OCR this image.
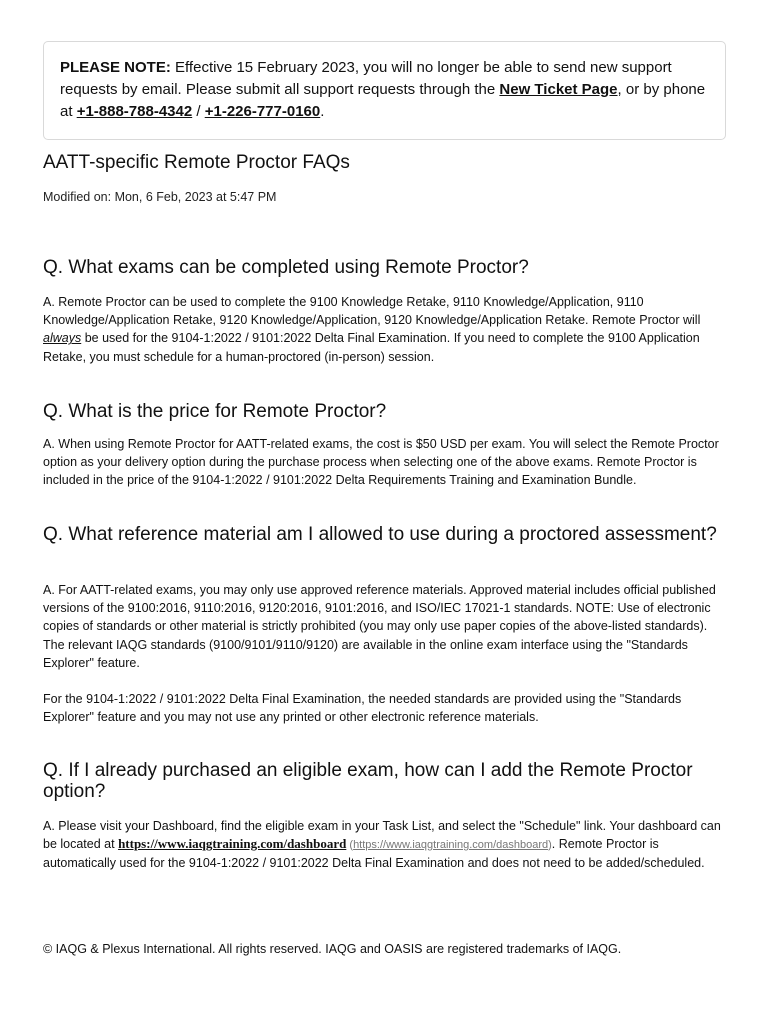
PLEASE NOTE: Effective 15 February 2023, you will no longer be able to send new support requests by email. Please submit all support requests through the New Ticket Page, or by phone at +1-888-788-4342 / +1-226-777-0160.
AATT-specific Remote Proctor FAQs

Modified on: Mon, 6 Feb, 2023 at 5:47 PM

Q. What exams can be completed using Remote Proctor?

A. Remote Proctor can be used to complete the 9100 Knowledge Retake, 9110 Knowledge/Application, 9110 Knowledge/Application Retake, 9120 Knowledge/Application, 9120 Knowledge/Application Retake. Remote Proctor will always be used for the 9104-1:2022 / 9101:2022 Delta Final Examination. If you need to complete the 9100 Application Retake, you must schedule for a human-proctored (in-person) session.

Q. What is the price for Remote Proctor?

A. When using Remote Proctor for AATT-related exams, the cost is $50 USD per exam. You will select the Remote Proctor option as your delivery option during the purchase process when selecting one of the above exams. Remote Proctor is included in the price of the 9104-1:2022 / 9101:2022 Delta Requirements Training and Examination Bundle.

Q. What reference material am I allowed to use during a proctored assessment?

A. For AATT-related exams, you may only use approved reference materials. Approved material includes official published versions of the 9100:2016, 9110:2016, 9120:2016, 9101:2016, and ISO/IEC 17021-1 standards. NOTE: Use of electronic copies of standards or other material is strictly prohibited (you may only use paper copies of the above-listed standards). The relevant IAQG standards (9100/9101/9110/9120) are available in the online exam interface using the "Standards Explorer" feature.

For the 9104-1:2022 / 9101:2022 Delta Final Examination, the needed standards are provided using the "Standards Explorer" feature and you may not use any printed or other electronic reference materials.

Q. If I already purchased an eligible exam, how can I add the Remote Proctor option?

A. Please visit your Dashboard, find the eligible exam in your Task List, and select the "Schedule" link. Your dashboard can be located at https://www.iaqgtraining.com/dashboard (https://www.iaqgtraining.com/dashboard). Remote Proctor is automatically used for the 9104-1:2022 / 9101:2022 Delta Final Examination and does not need to be added/scheduled.

© IAQG & Plexus International. All rights reserved. IAQG and OASIS are registered trademarks of IAQG.
